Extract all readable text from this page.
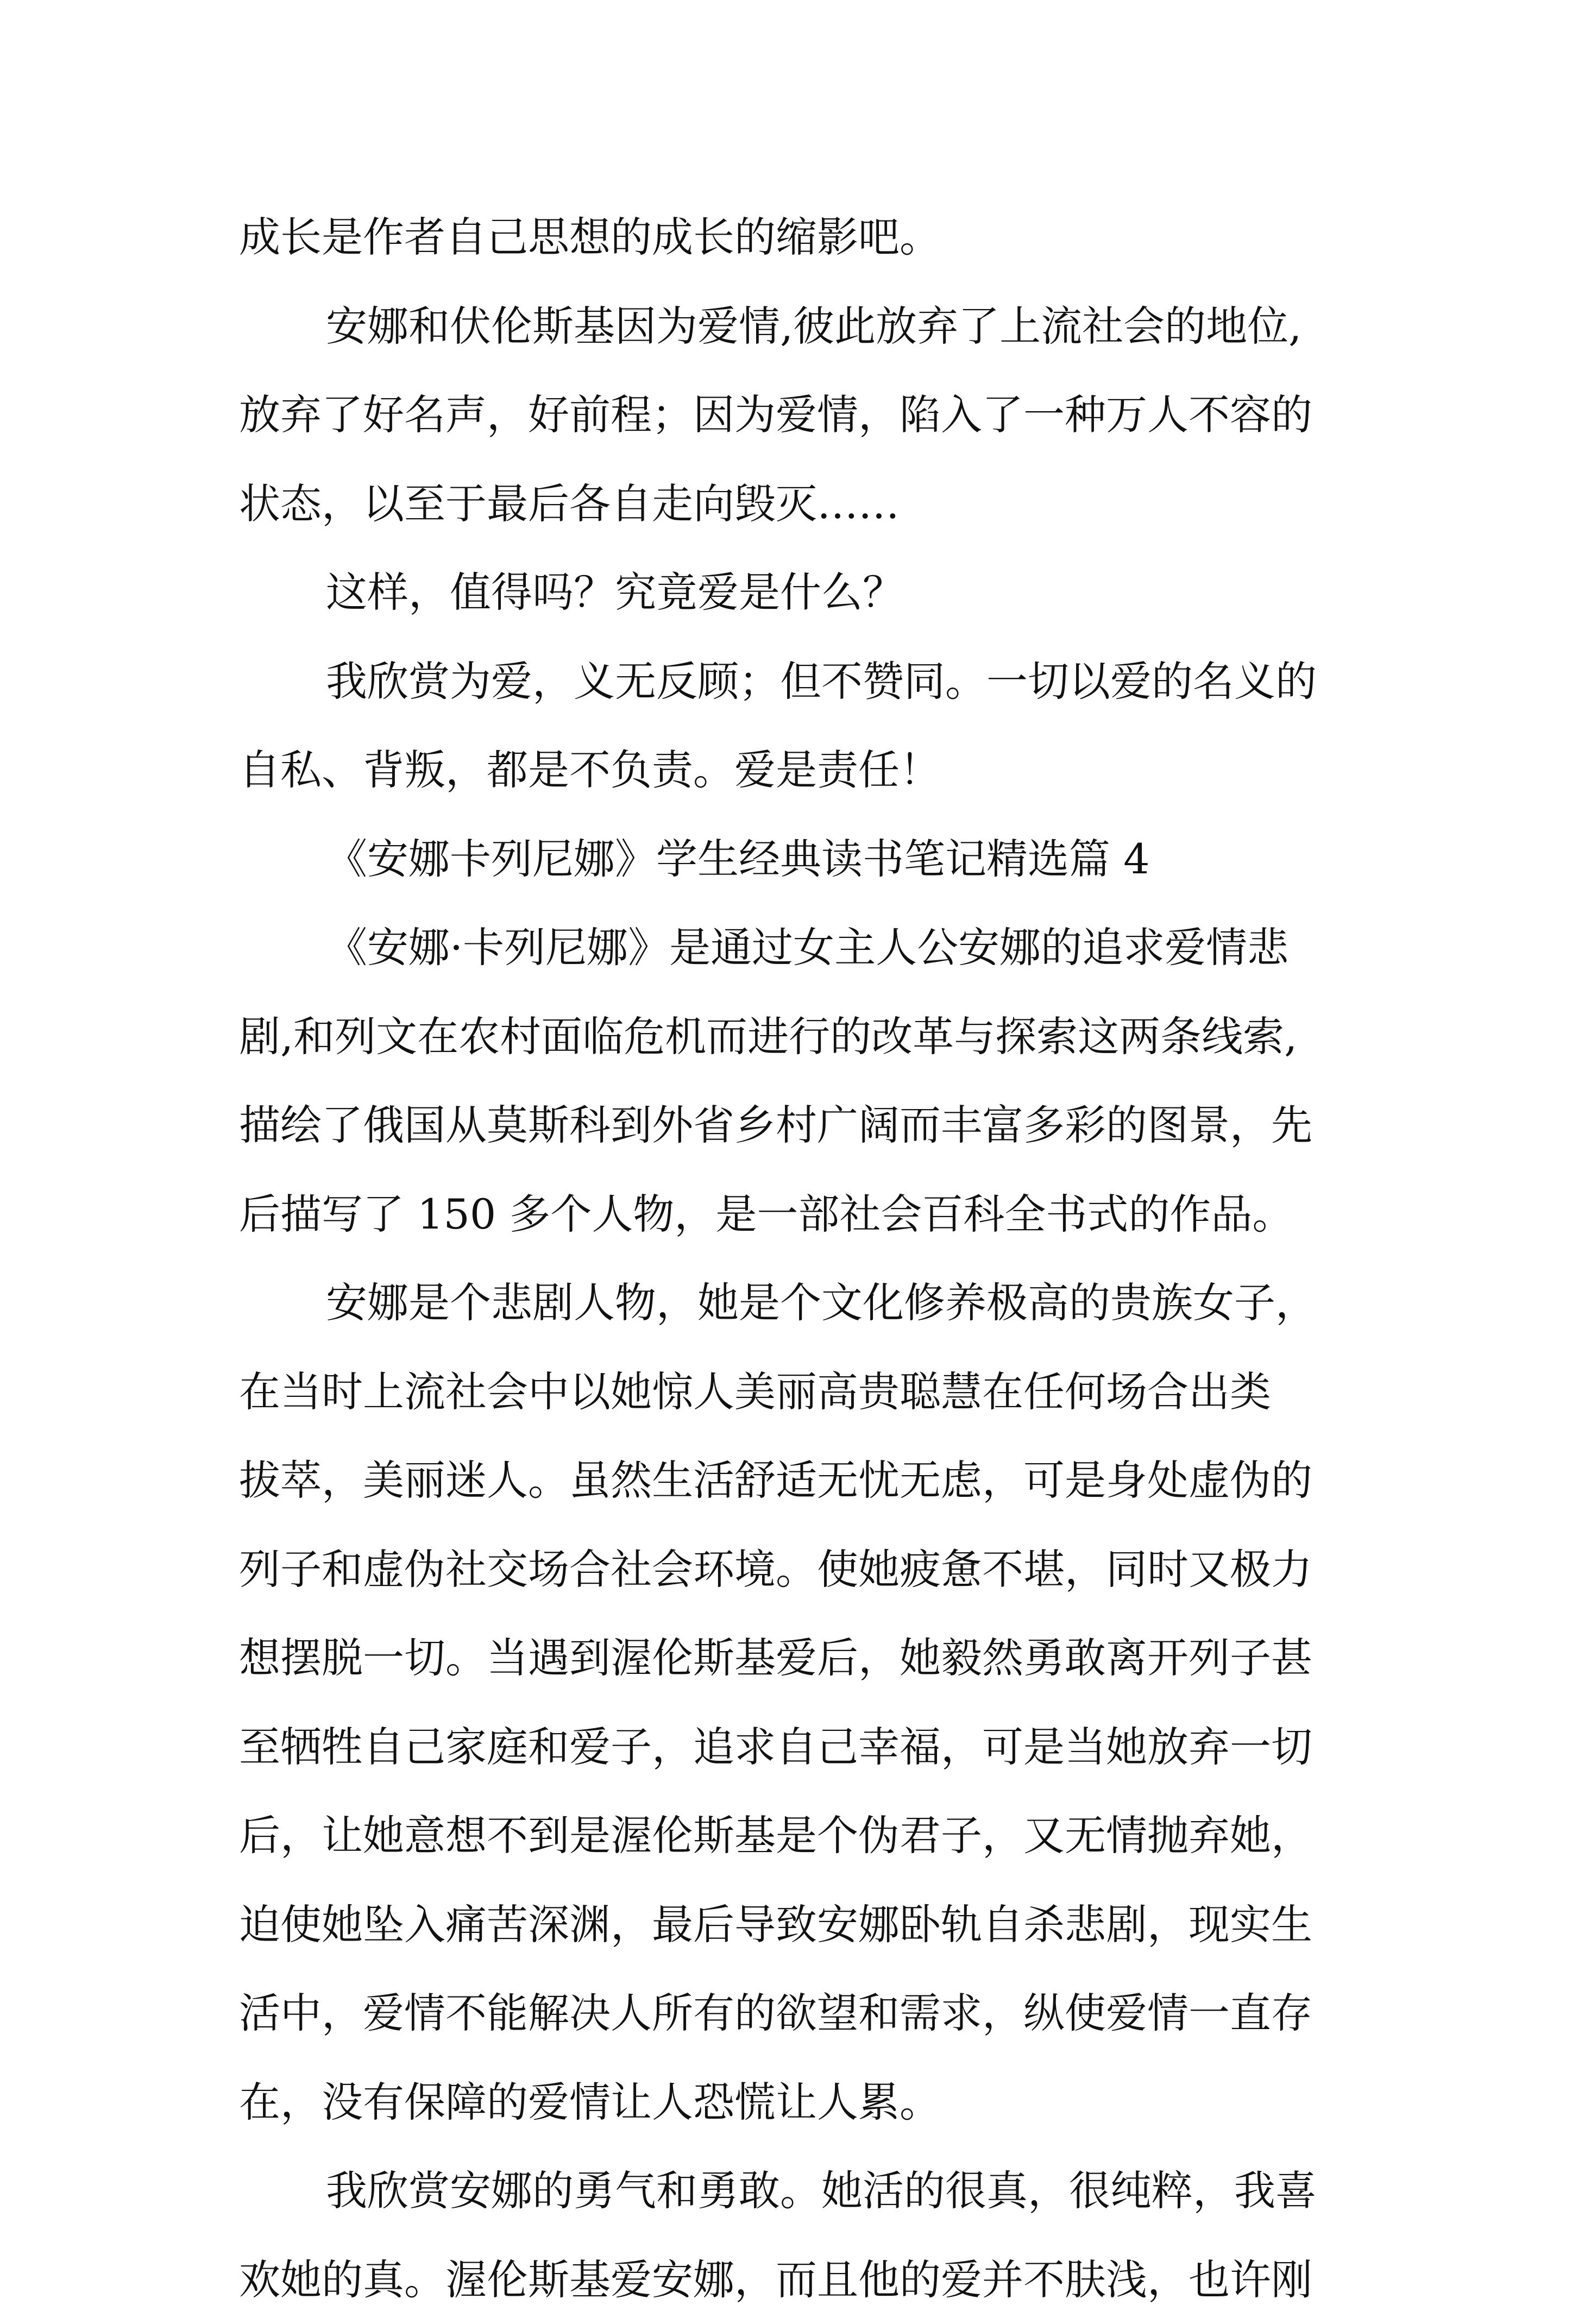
成长是作者自己思想的成长的缩影吧。
安娜和伏伦斯基因为爱情,彼此放弃了上流社会的地位,
放弃了好名声，好前程；因为爱情，陷入了一种万人不容的
状态，以至于最后各自走向毁灭……
这样，值得吗？究竟爱是什么？
我欣赏为爱，义无反顾；但不赞同。一切以爱的名义的
自私、背叛，都是不负责。爱是责任！
《安娜卡列尼娜》学生经典读书笔记精选篇 4
《安娜·卡列尼娜》是通过女主人公安娜的追求爱情悲
剧,和列文在农村面临危机而进行的改革与探索这两条线索,
描绘了俄国从莫斯科到外省乡村广阔而丰富多彩的图景，先
后描写了 150 多个人物，是一部社会百科全书式的作品。
安娜是个悲剧人物，她是个文化修养极高的贵族女子，
在当时上流社会中以她惊人美丽高贵聪慧在任何场合出类
拔萃，美丽迷人。虽然生活舒适无忧无虑，可是身处虚伪的
列子和虚伪社交场合社会环境。使她疲惫不堪，同时又极力
想摆脱一切。当遇到渥伦斯基爱后，她毅然勇敢离开列子甚
至牺牲自己家庭和爱子，追求自己幸福，可是当她放弃一切
后，让她意想不到是渥伦斯基是个伪君子，又无情抛弃她，
迫使她坠入痛苦深渊，最后导致安娜卧轨自杀悲剧，现实生
活中，爱情不能解决人所有的欲望和需求，纵使爱情一直存
在，没有保障的爱情让人恐慌让人累。
我欣赏安娜的勇气和勇敢。她活的很真，很纯粹，我喜
欢她的真。渥伦斯基爱安娜，而且他的爱并不肤浅，也许刚
